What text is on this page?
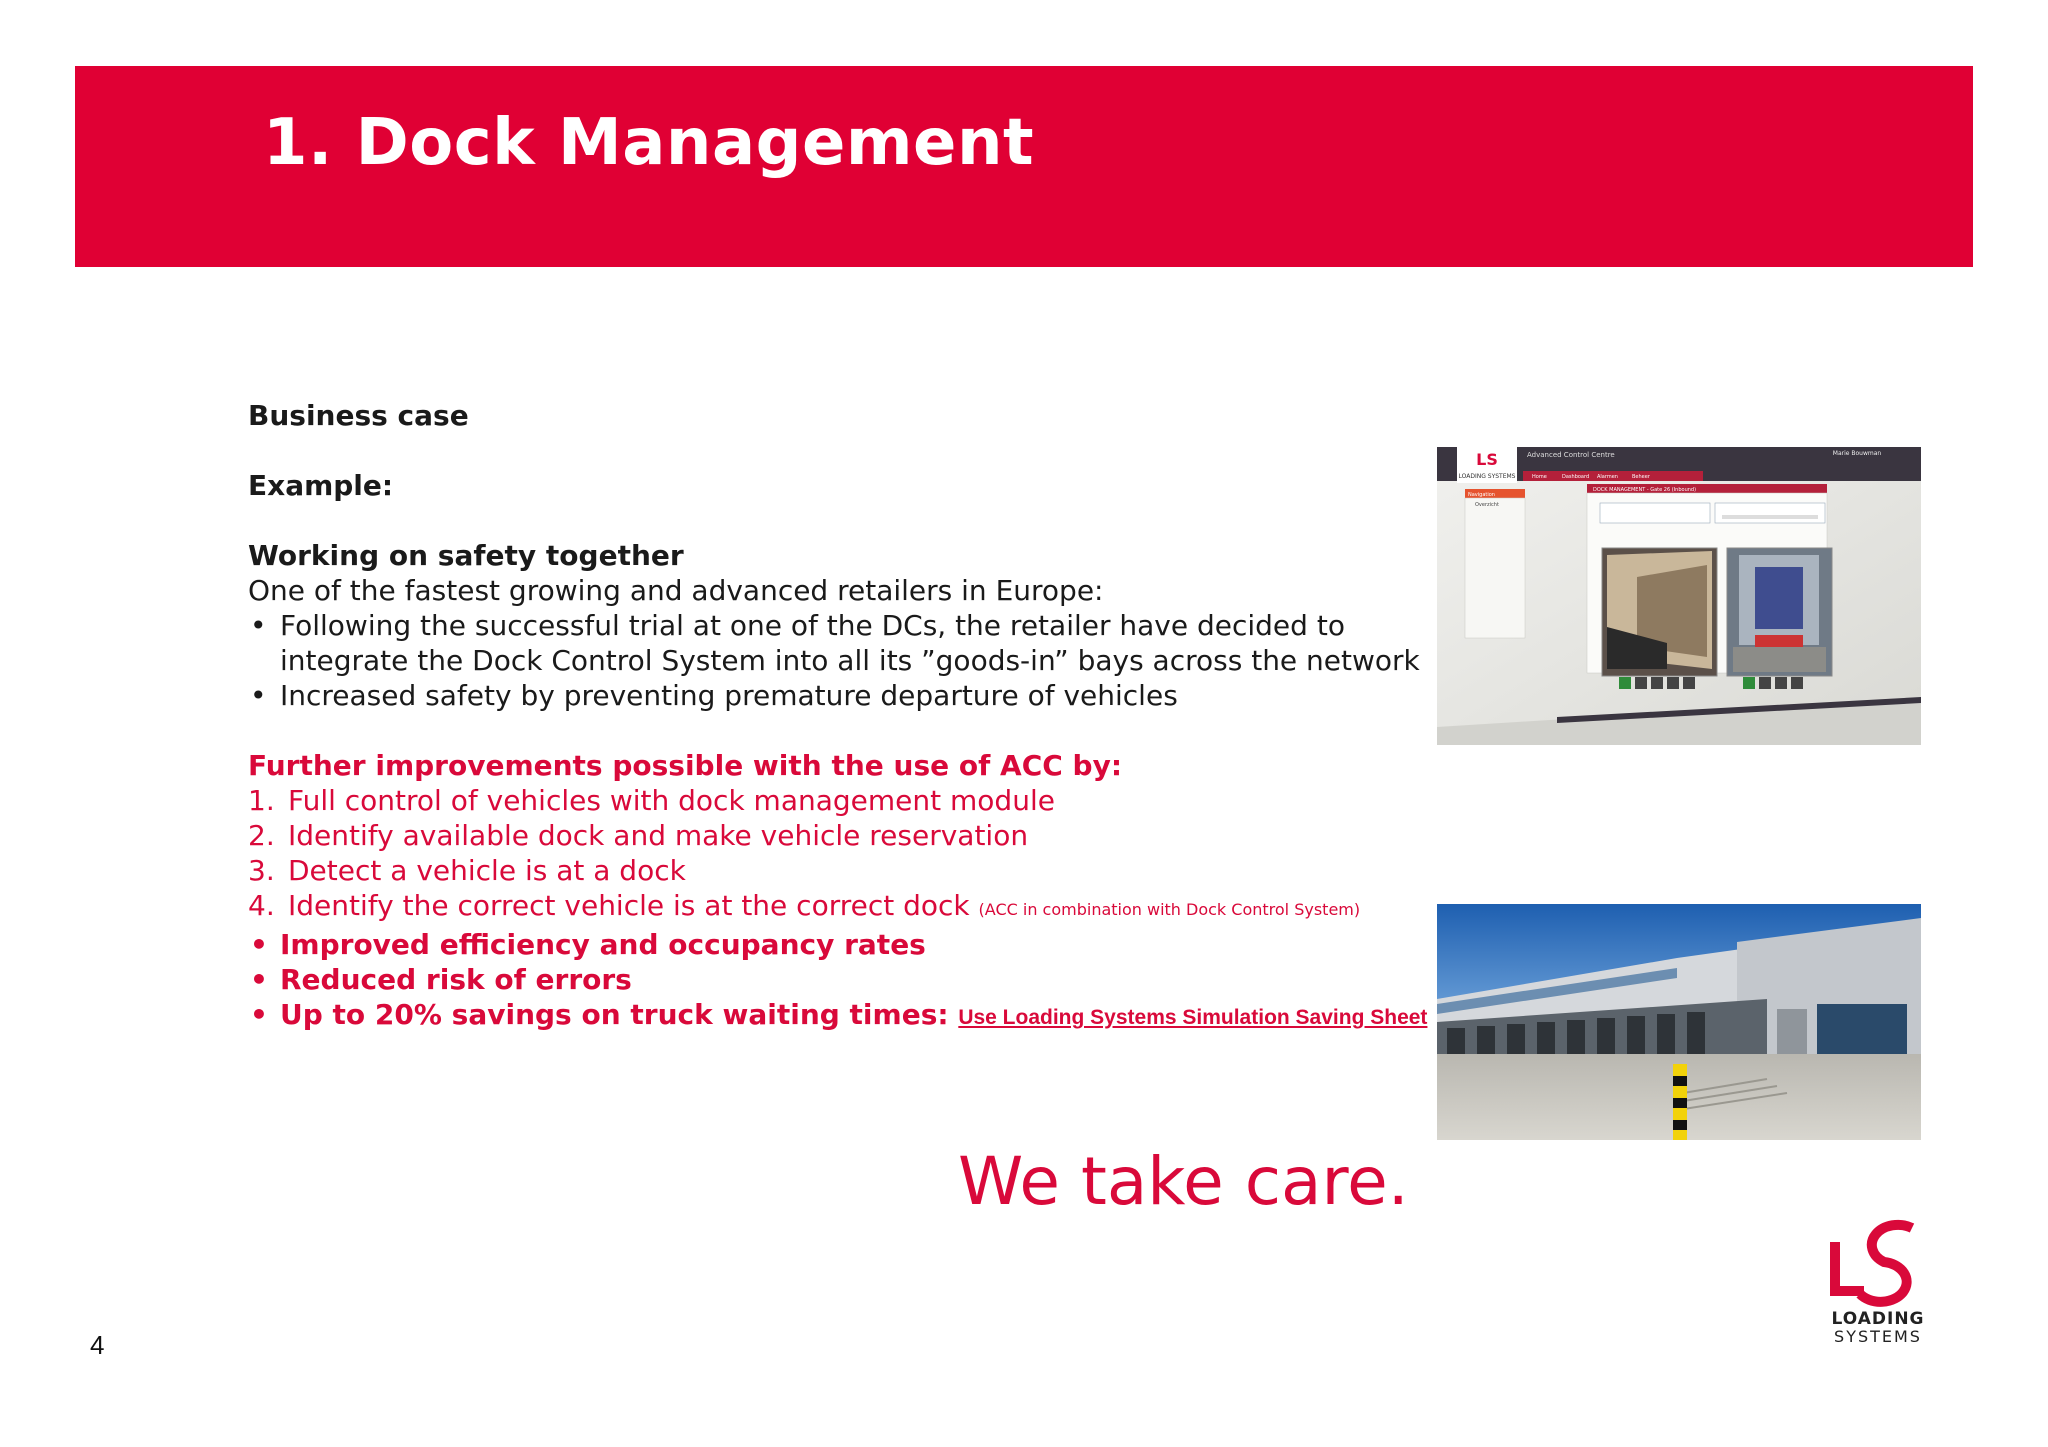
1. Dock Management

Business case

Example:

Working on safety together

One of the fastest growing and advanced retailers in Europe:

• Following the successful trial at one of the DCs, the retailer have decided to integrate the Dock Control System into all its ”goods-in” bays across the network
• Increased safety by preventing premature departure of vehicles

Further improvements possible with the use of ACC by:

1. Full control of vehicles with dock management module
2. Identify available dock and make vehicle reservation
3. Detect a vehicle is at a dock
4. Identify the correct vehicle is at the correct dock (ACC in combination with Dock Control System)
• Improved efficiency and occupancy rates
• Reduced risk of errors
• Up to 20% savings on truck waiting times: Use Loading Systems Simulation Saving Sheet
LS
LOADING SYSTEMS
Advanced Control Centre	Marie Bouwman
Home	Dashboard Alarmen	Beheer
Navigation
Overzicht
DOCK MANAGEMENT - Gate 26 (Inbound)

We take care.

4
LOADING
SYSTEMS
